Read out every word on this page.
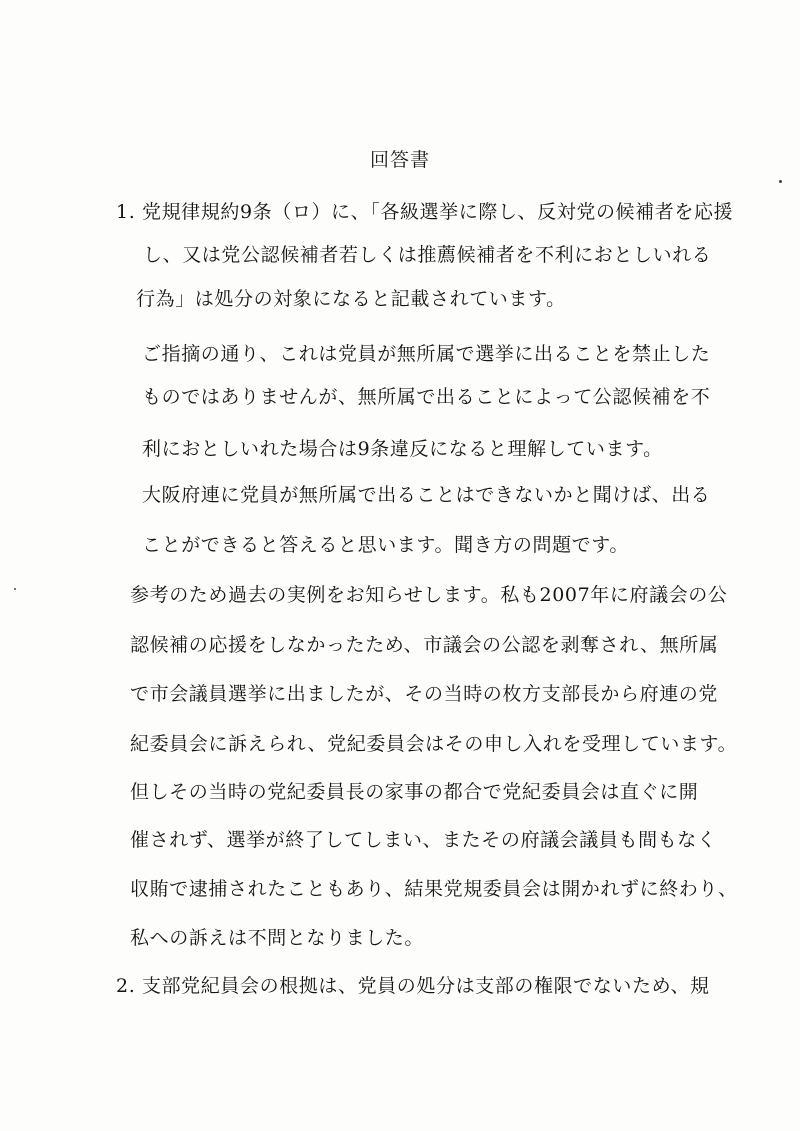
回答書
1. 党規律規約9条（ロ）に、「各級選挙に際し、反対党の候補者を応援
し、又は党公認候補者若しくは推薦候補者を不利におとしいれる
行為」は処分の対象になると記載されています。
ご指摘の通り、これは党員が無所属で選挙に出ることを禁止した
ものではありませんが、無所属で出ることによって公認候補を不
利におとしいれた場合は9条違反になると理解しています。
大阪府連に党員が無所属で出ることはできないかと聞けば、出る
ことができると答えると思います。聞き方の問題です。
参考のため過去の実例をお知らせします。私も2007年に府議会の公
認候補の応援をしなかったため、市議会の公認を剥奪され、無所属
で市会議員選挙に出ましたが、その当時の枚方支部長から府連の党
紀委員会に訴えられ、党紀委員会はその申し入れを受理しています。
但しその当時の党紀委員長の家事の都合で党紀委員会は直ぐに開
催されず、選挙が終了してしまい、またその府議会議員も間もなく
収賄で逮捕されたこともあり、結果党規委員会は開かれずに終わり、
私への訴えは不問となりました。
2. 支部党紀員会の根拠は、党員の処分は支部の権限でないため、規
